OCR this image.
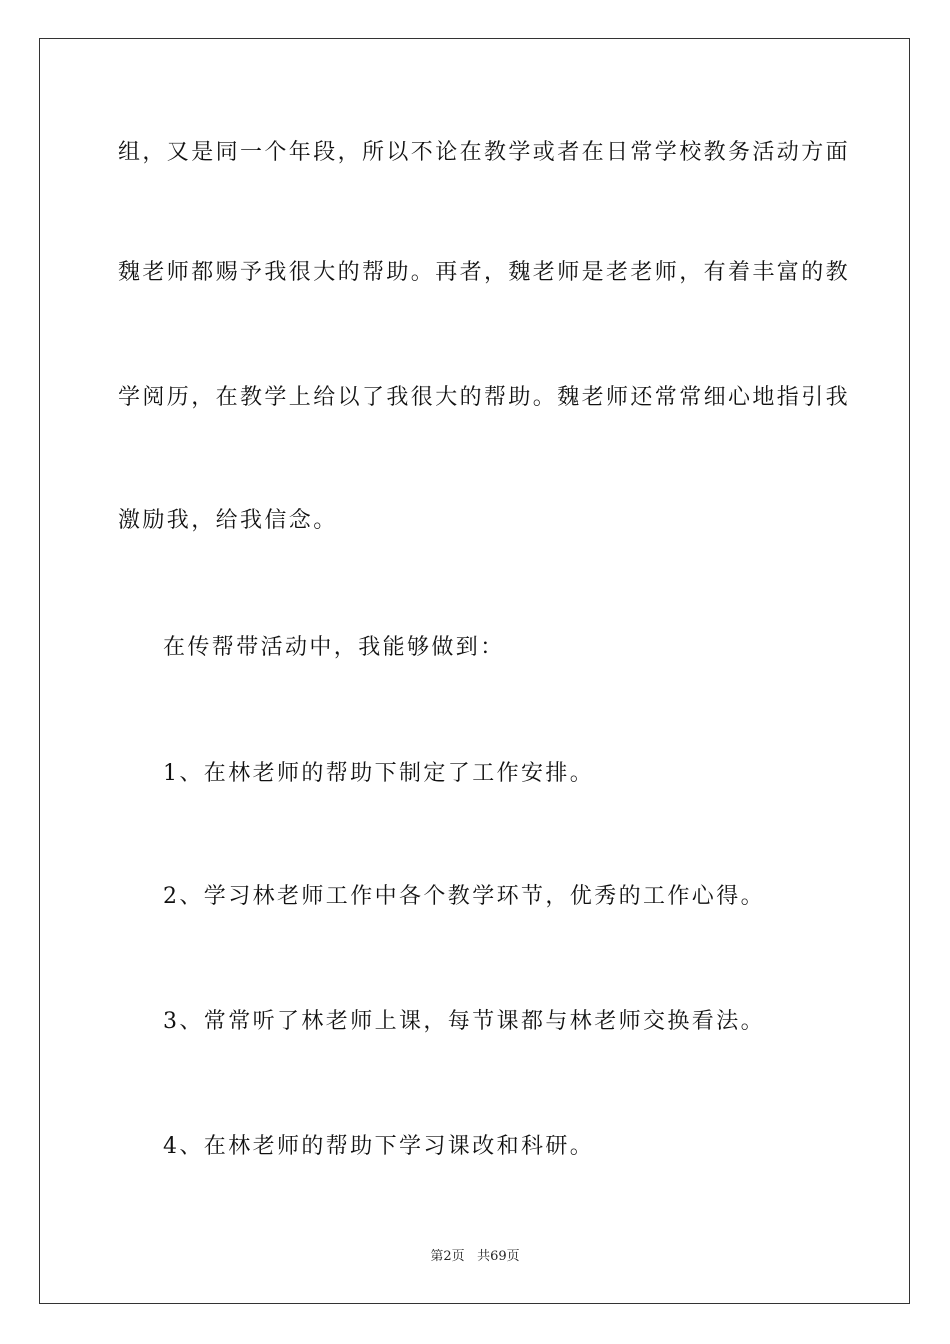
组，又是同一个年段，所以不论在教学或者在日常学校教务活动方面
魏老师都赐予我很大的帮助。再者，魏老师是老老师，有着丰富的教
学阅历，在教学上给以了我很大的帮助。魏老师还常常细心地指引我
激励我，给我信念。
在传帮带活动中，我能够做到：
1、在林老师的帮助下制定了工作安排。
2、学习林老师工作中各个教学环节，优秀的工作心得。
3、常常听了林老师上课，每节课都与林老师交换看法。
4、在林老师的帮助下学习课改和科研。
第2页 共69页
